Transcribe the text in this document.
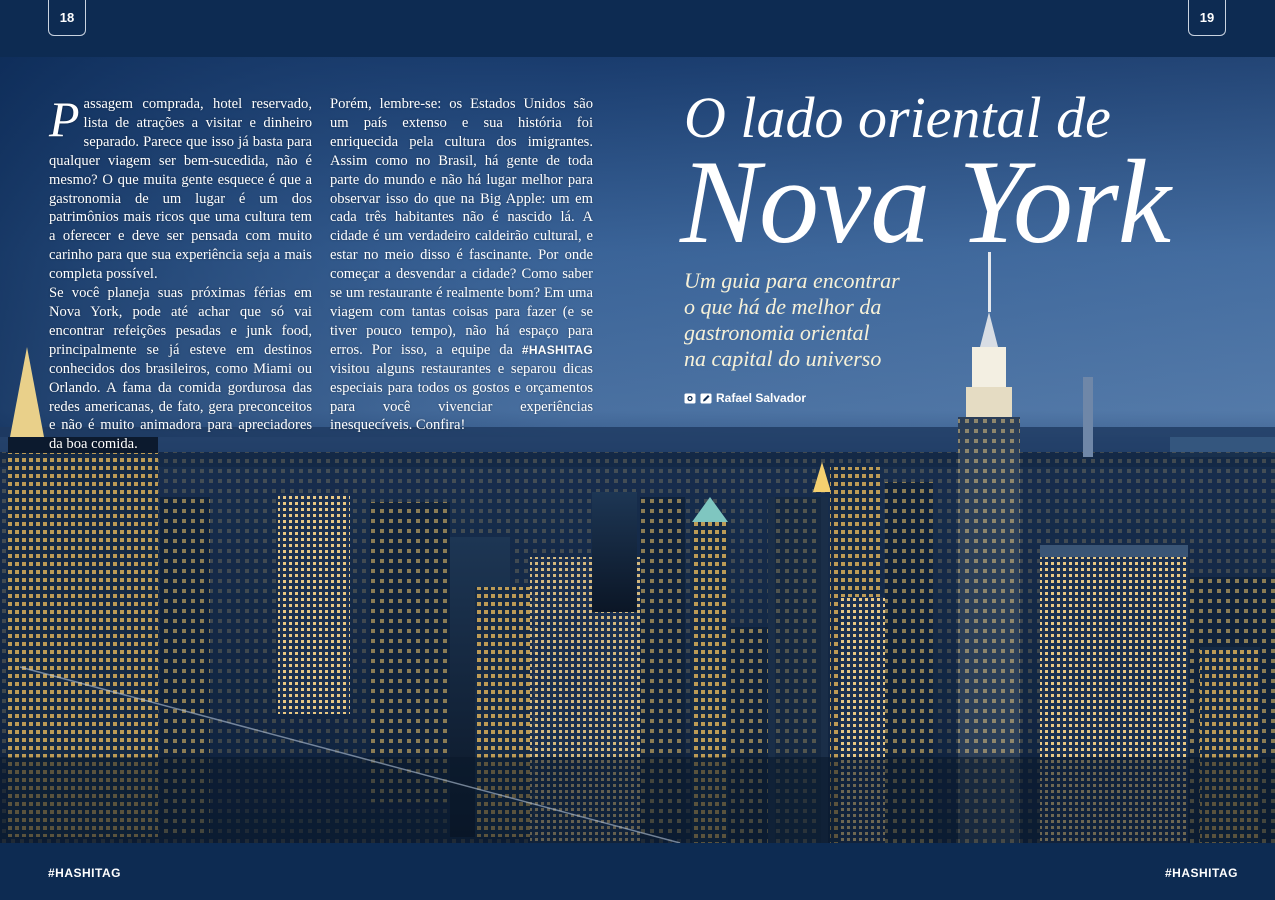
18	19

Passagem comprada, hotel reservado, lista de atrações a visitar e dinheiro separado. Parece que isso já basta para qualquer viagem ser bem-sucedida, não é mesmo? O que muita gente esquece é que a gastronomia de um lugar é um dos patrimônios mais ricos que uma cultura tem a oferecer e deve ser pensada com muito carinho para que sua experiência seja a mais completa possível.

Se você planeja suas próximas férias em Nova York, pode até achar que só vai encontrar refeições pesadas e junk food, principalmente se já esteve em destinos conhecidos dos brasileiros, como Miami ou Orlando. A fama da comida gordurosa das redes americanas, de fato, gera preconceitos e não é muito animadora para apreciadores da boa comida.

Porém, lembre-se: os Estados Unidos são um país extenso e sua história foi enriquecida pela cultura dos imigrantes. Assim como no Brasil, há gente de toda parte do mundo e não há lugar melhor para observar isso do que na Big Apple: um em cada três habitantes não é nascido lá. A cidade é um verdadeiro caldeirão cultural, e estar no meio disso é fascinante. Por onde começar a desvendar a cidade? Como saber se um restaurante é realmente bom? Em uma viagem com tantas coisas para fazer (e se tiver pouco tempo), não há espaço para erros. Por isso, a equipe da #HASHITAG visitou alguns restaurantes e separou dicas especiais para todos os gostos e orçamentos para você vivenciar experiências inesquecíveis. Confira!

O lado oriental de
Nova York
Um guia para encontrar
o que há de melhor da
gastronomia oriental
na capital do universo
Rafael Salvador
#HASHITAG	#HASHITAG
